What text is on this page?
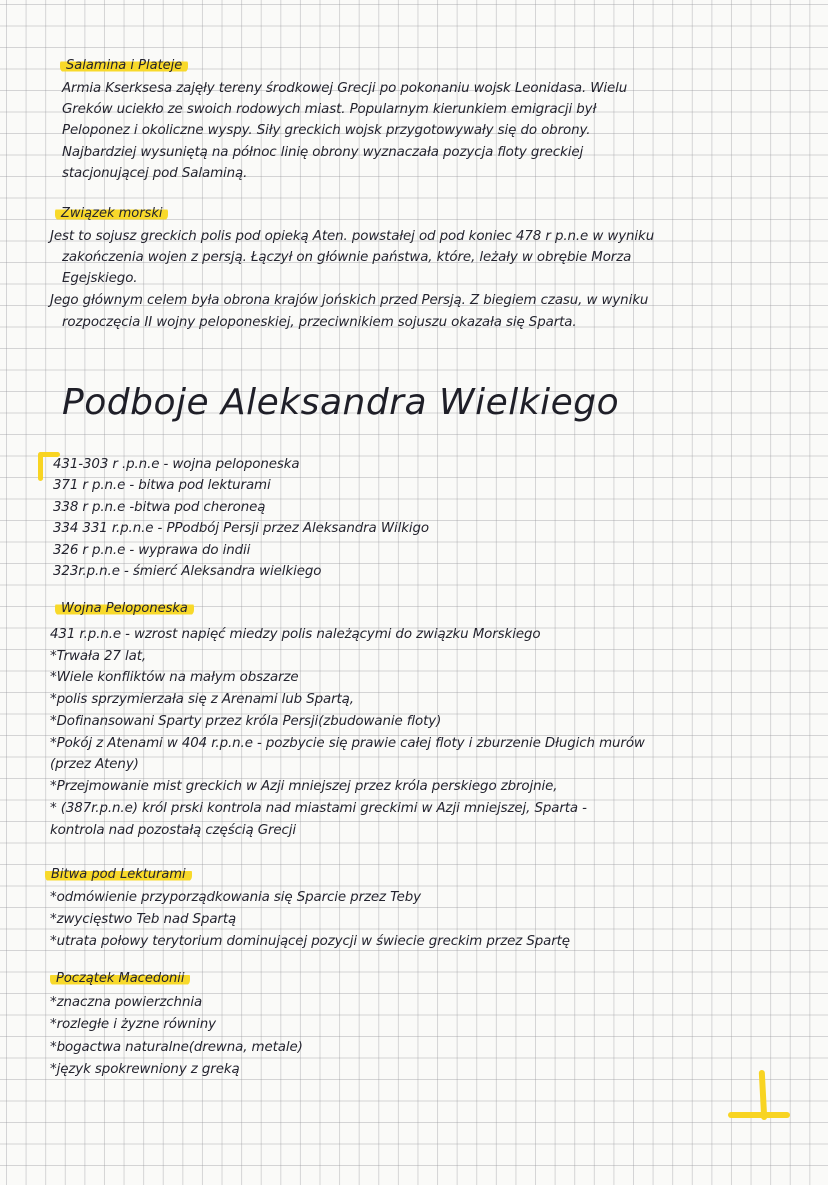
Podboje Aleksandra Wielkiego
Salamina i Plateje
Armia Kserksesa zajęły tereny środkowej Grecji po pokonaniu wojsk Leonidasa. Wielu
Greków uciekło ze swoich rodowych miast. Popularnym kierunkiem emigracji był
Peloponez i okoliczne wyspy. Siły greckich wojsk przygotowywały się do obrony.
Najbardziej wysuniętą na północ linię obrony wyznaczała pozycja floty greckiej
stacjonującej pod Salaminą.
Związek morski
Jest to sojusz greckich polis pod opieką Aten. powstałej od pod koniec 478 r p.n.e w wyniku
zakończenia wojen z persją. Łączył on głównie państwa, które, leżały w obrębie Morza
Egejskiego.
Jego głównym celem była obrona krajów jońskich przed Persją. Z biegiem czasu, w wyniku
rozpoczęcia II wojny peloponeskiej, przeciwnikiem sojuszu okazała się Sparta.
431-303 r .p.n.e - wojna peloponeska
371 r p.n.e - bitwa pod lekturami
338 r p.n.e -bitwa pod cheroneą
334 331 r.p.n.e - PPodbój Persji przez Aleksandra Wilkigo
326 r p.n.e - wyprawa do indii
323r.p.n.e - śmierć Aleksandra wielkiego
Wojna Peloponeska
431 r.p.n.e - wzrost napięć miedzy polis należącymi do związku Morskiego
*Trwała 27 lat,
*Wiele konfliktów na małym obszarze
*polis sprzymierzała się z Arenami lub Spartą,
*Dofinansowani Sparty przez króla Persji(zbudowanie floty)
*Pokój z Atenami w 404 r.p.n.e - pozbycie się prawie całej floty i zburzenie Długich murów
(przez Ateny)
*Przejmowanie mist greckich w Azji mniejszej przez króla perskiego zbrojnie,
* (387r.p.n.e) król prski kontrola nad miastami greckimi w Azji mniejszej, Sparta -
kontrola nad pozostałą częścią Grecji
Bitwa pod Lekturami
*odmówienie przyporządkowania się Sparcie przez Teby
*zwycięstwo Teb nad Spartą
*utrata połowy terytorium dominującej pozycji w świecie greckim przez Spartę
Początek Macedonii
*znaczna powierzchnia
*rozległe i żyzne równiny
*bogactwa naturalne(drewna, metale)
*język spokrewniony z greką
